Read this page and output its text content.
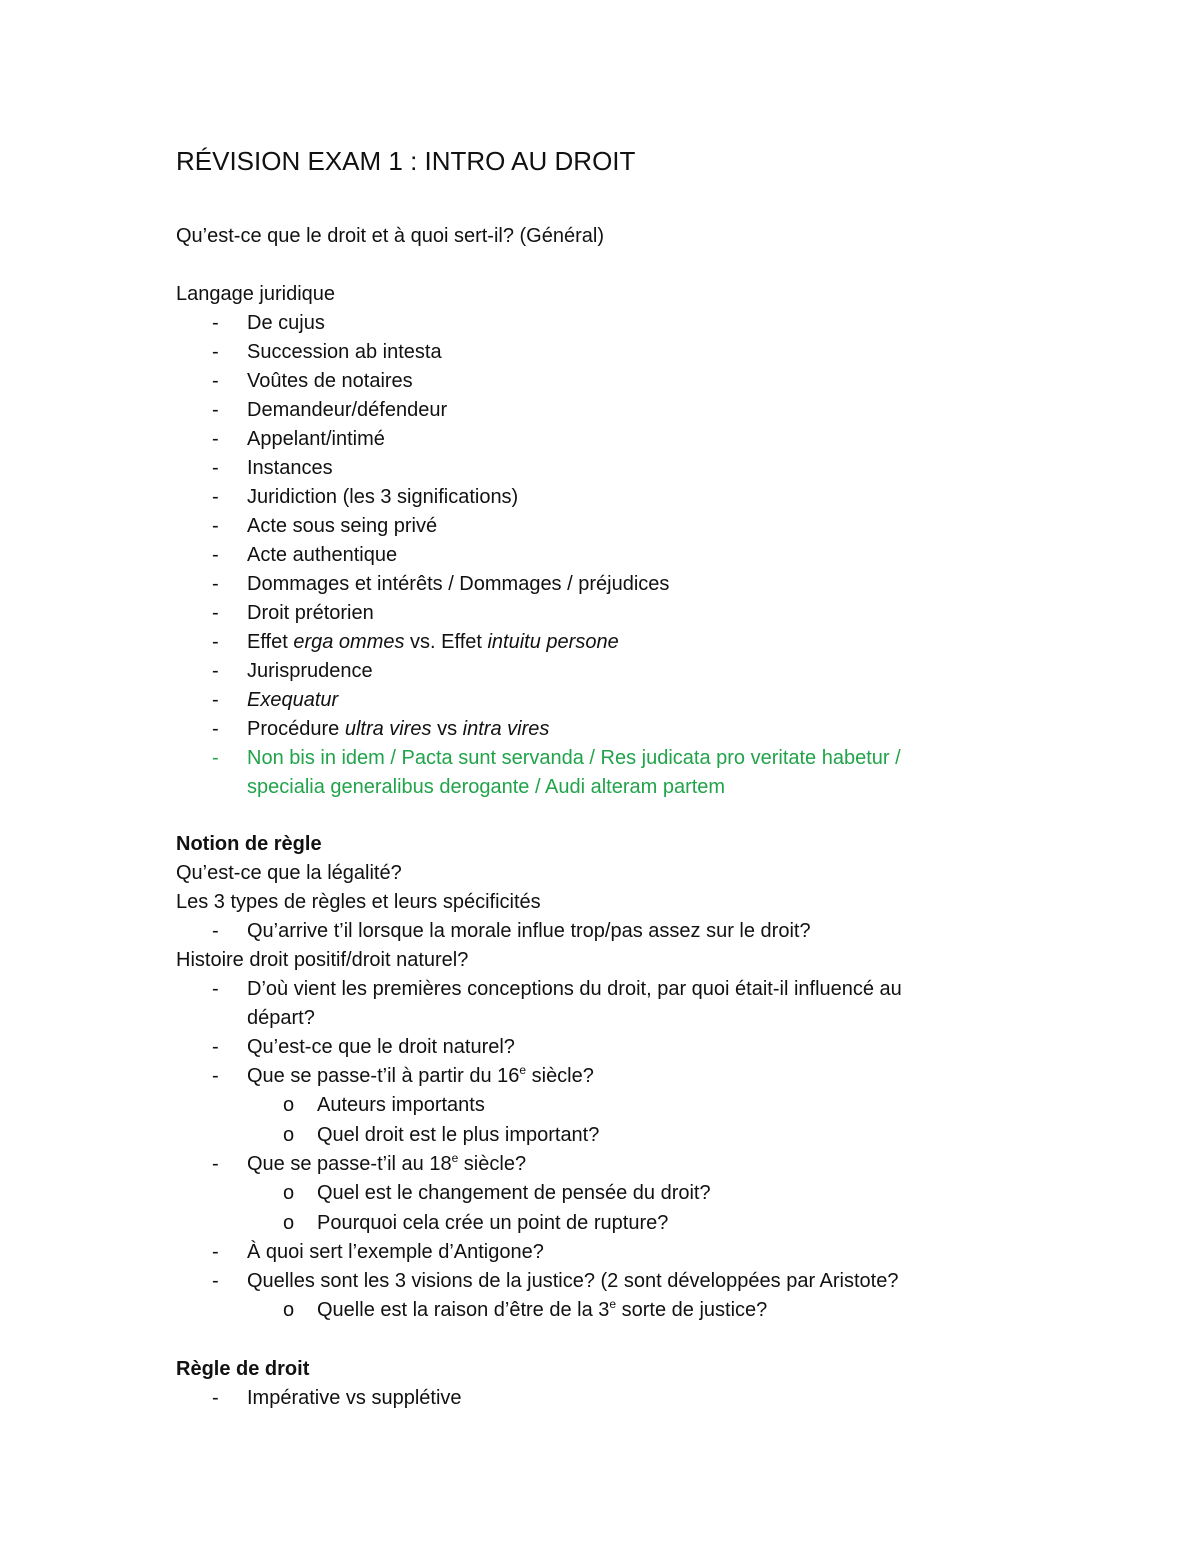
RÉVISION EXAM 1 : INTRO AU DROIT
Qu’est-ce que le droit et à quoi sert-il? (Général)
Langage juridique
- De cujus
- Succession ab intesta
- Voûtes de notaires
- Demandeur/défendeur
- Appelant/intimé
- Instances
- Juridiction (les 3 significations)
- Acte sous seing privé
- Acte authentique
- Dommages et intérêts / Dommages / préjudices
- Droit prétorien
- Effet erga ommes vs. Effet intuitu persone
- Jurisprudence
- Exequatur
- Procédure ultra vires vs intra vires
- Non bis in idem / Pacta sunt servanda / Res judicata pro veritate habetur /
specialia generalibus derogante / Audi alteram partem
Notion de règle
Qu’est-ce que la légalité?
Les 3 types de règles et leurs spécificités
- Qu’arrive t’il lorsque la morale influe trop/pas assez sur le droit?
Histoire droit positif/droit naturel?
- D’où vient les premières conceptions du droit, par quoi était-il influencé au
départ?
- Qu’est-ce que le droit naturel?
- Que se passe-t’il à partir du 16e siècle?
o Auteurs importants
o Quel droit est le plus important?
- Que se passe-t’il au 18e siècle?
o Quel est le changement de pensée du droit?
o Pourquoi cela crée un point de rupture?
- À quoi sert l’exemple d’Antigone?
- Quelles sont les 3 visions de la justice? (2 sont développées par Aristote?
o Quelle est la raison d’être de la 3e sorte de justice?
Règle de droit
- Impérative vs supplétive
